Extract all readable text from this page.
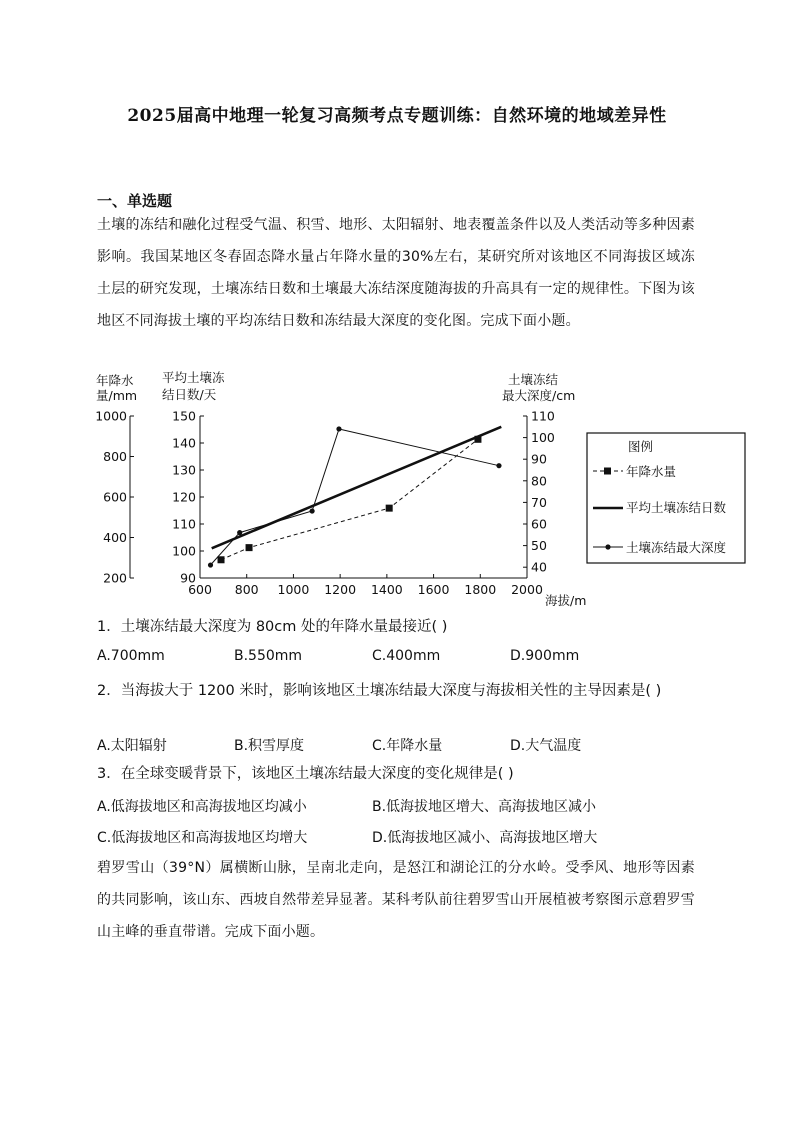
2025届高中地理一轮复习高频考点专题训练：自然环境的地域差异性
一、单选题
土壤的冻结和融化过程受气温、积雪、地形、太阳辐射、地表覆盖条件以及人类活动等多种因素影响。我国某地区冬春固态降水量占年降水量的30%左右，某研究所对该地区不同海拔区域冻土层的研究发现，土壤冻结日数和土壤最大冻结深度随海拔的升高具有一定的规律性。下图为该地区不同海拔土壤的平均冻结日数和冻结最大深度的变化图。完成下面小题。
年降水
量/mm
平均土壤冻
结日数/天
土壤冻结
最大深度/cm
海拔/m
图例
年降水量
平均土壤冻结日数
土壤冻结最大深度
600 800 1000 1200 1400 1600 1800 2000
200
400
600
800
1000
90
100
110
120
130
140
150
40
50
60
70
80
90
100
110
1．土壤冻结最大深度为 80cm 处的年降水量最接近( )
A.700mm	B.550mm	C.400mm	D.900mm
2．当海拔大于 1200 米时，影响该地区土壤冻结最大深度与海拔相关性的主导因素是( )
A.太阳辐射	B.积雪厚度	C.年降水量	D.大气温度
3．在全球变暖背景下，该地区土壤冻结最大深度的变化规律是( )
A.低海拔地区和高海拔地区均减小	B.低海拔地区增大、高海拔地区减小
C.低海拔地区和高海拔地区均增大	D.低海拔地区减小、高海拔地区增大
碧罗雪山（39°N）属横断山脉，呈南北走向，是怒江和湖论江的分水岭。受季风、地形等因素的共同影响，该山东、西坡自然带差异显著。某科考队前往碧罗雪山开展植被考察图示意碧罗雪山主峰的垂直带谱。完成下面小题。
